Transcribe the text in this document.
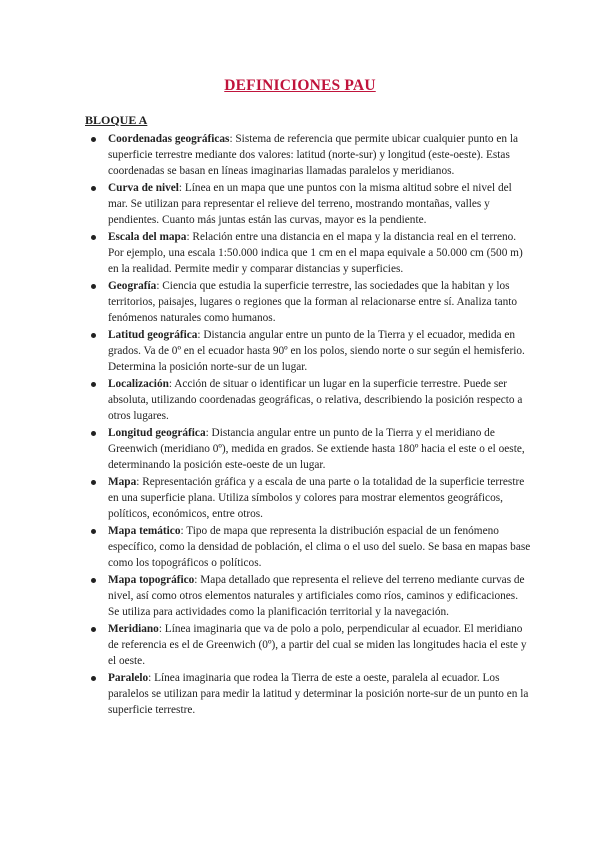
DEFINICIONES PAU
BLOQUE A
Coordenadas geográficas: Sistema de referencia que permite ubicar cualquier punto en la superficie terrestre mediante dos valores: latitud (norte-sur) y longitud (este-oeste). Estas coordenadas se basan en líneas imaginarias llamadas paralelos y meridianos.
Curva de nivel: Línea en un mapa que une puntos con la misma altitud sobre el nivel del mar. Se utilizan para representar el relieve del terreno, mostrando montañas, valles y pendientes. Cuanto más juntas están las curvas, mayor es la pendiente.
Escala del mapa: Relación entre una distancia en el mapa y la distancia real en el terreno. Por ejemplo, una escala 1:50.000 indica que 1 cm en el mapa equivale a 50.000 cm (500 m) en la realidad. Permite medir y comparar distancias y superficies.
Geografía: Ciencia que estudia la superficie terrestre, las sociedades que la habitan y los territorios, paisajes, lugares o regiones que la forman al relacionarse entre sí. Analiza tanto fenómenos naturales como humanos.
Latitud geográfica: Distancia angular entre un punto de la Tierra y el ecuador, medida en grados. Va de 0º en el ecuador hasta 90º en los polos, siendo norte o sur según el hemisferio. Determina la posición norte-sur de un lugar.
Localización: Acción de situar o identificar un lugar en la superficie terrestre. Puede ser absoluta, utilizando coordenadas geográficas, o relativa, describiendo la posición respecto a otros lugares.
Longitud geográfica: Distancia angular entre un punto de la Tierra y el meridiano de Greenwich (meridiano 0º), medida en grados. Se extiende hasta 180º hacia el este o el oeste, determinando la posición este-oeste de un lugar.
Mapa: Representación gráfica y a escala de una parte o la totalidad de la superficie terrestre en una superficie plana. Utiliza símbolos y colores para mostrar elementos geográficos, políticos, económicos, entre otros.
Mapa temático: Tipo de mapa que representa la distribución espacial de un fenómeno específico, como la densidad de población, el clima o el uso del suelo. Se basa en mapas base como los topográficos o políticos.
Mapa topográfico: Mapa detallado que representa el relieve del terreno mediante curvas de nivel, así como otros elementos naturales y artificiales como ríos, caminos y edificaciones. Se utiliza para actividades como la planificación territorial y la navegación.
Meridiano: Línea imaginaria que va de polo a polo, perpendicular al ecuador. El meridiano de referencia es el de Greenwich (0º), a partir del cual se miden las longitudes hacia el este y el oeste.
Paralelo: Línea imaginaria que rodea la Tierra de este a oeste, paralela al ecuador. Los paralelos se utilizan para medir la latitud y determinar la posición norte-sur de un punto en la superficie terrestre.
